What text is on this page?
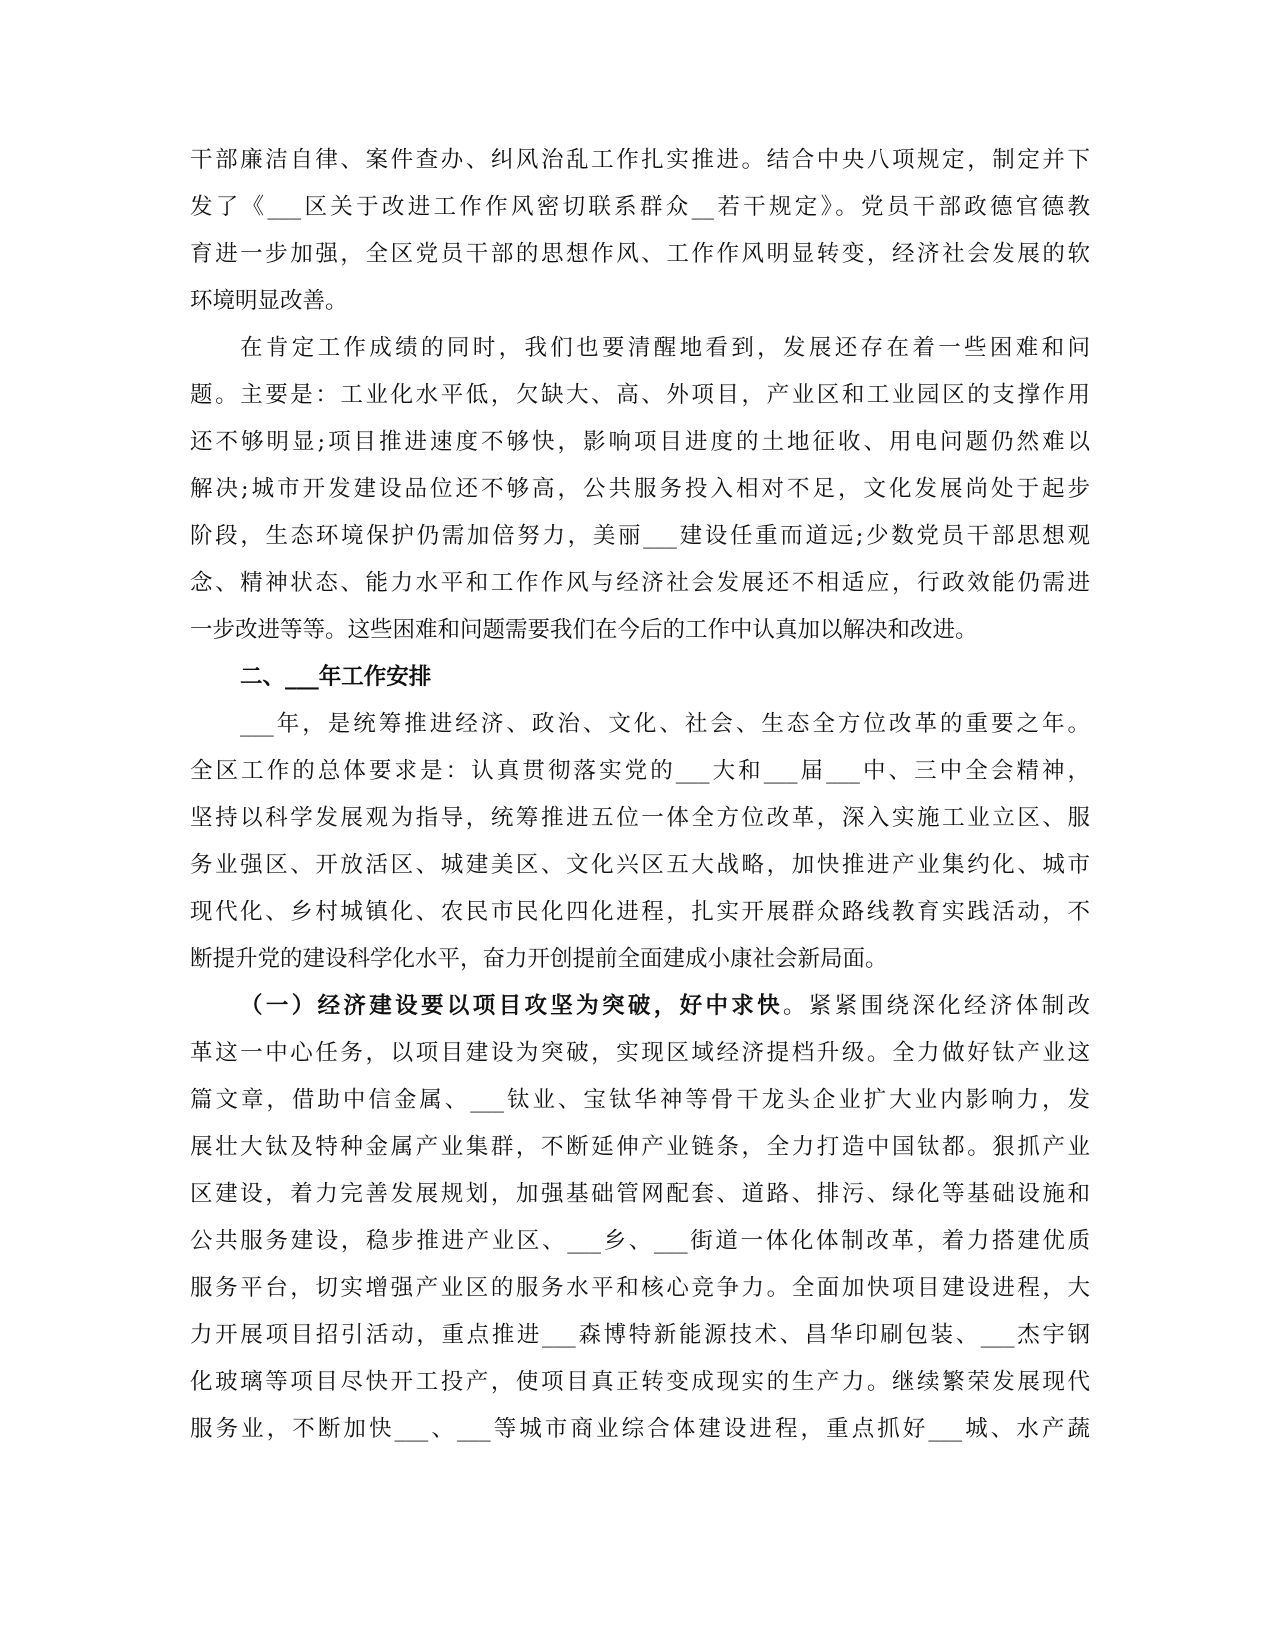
干部廉洁自律、案件查办、纠风治乱工作扎实推进。结合中央八项规定，制定并下
发了《___区关于改进工作作风密切联系群众__若干规定》。党员干部政德官德教
育进一步加强，全区党员干部的思想作风、工作作风明显转变，经济社会发展的软
环境明显改善。
在肯定工作成绩的同时，我们也要清醒地看到，发展还存在着一些困难和问
题。主要是：工业化水平低，欠缺大、高、外项目，产业区和工业园区的支撑作用
还不够明显;项目推进速度不够快，影响项目进度的土地征收、用电问题仍然难以
解决;城市开发建设品位还不够高，公共服务投入相对不足，文化发展尚处于起步
阶段，生态环境保护仍需加倍努力，美丽___建设任重而道远;少数党员干部思想观
念、精神状态、能力水平和工作作风与经济社会发展还不相适应，行政效能仍需进
一步改进等等。这些困难和问题需要我们在今后的工作中认真加以解决和改进。
二、___年工作安排
___年，是统筹推进经济、政治、文化、社会、生态全方位改革的重要之年。
全区工作的总体要求是：认真贯彻落实党的___大和___届___中、三中全会精神，
坚持以科学发展观为指导，统筹推进五位一体全方位改革，深入实施工业立区、服
务业强区、开放活区、城建美区、文化兴区五大战略，加快推进产业集约化、城市
现代化、乡村城镇化、农民市民化四化进程，扎实开展群众路线教育实践活动，不
断提升党的建设科学化水平，奋力开创提前全面建成小康社会新局面。
（一）经济建设要以项目攻坚为突破，好中求快。紧紧围绕深化经济体制改
革这一中心任务，以项目建设为突破，实现区域经济提档升级。全力做好钛产业这
篇文章，借助中信金属、___钛业、宝钛华神等骨干龙头企业扩大业内影响力，发
展壮大钛及特种金属产业集群，不断延伸产业链条，全力打造中国钛都。狠抓产业
区建设，着力完善发展规划，加强基础管网配套、道路、排污、绿化等基础设施和
公共服务建设，稳步推进产业区、___乡、___街道一体化体制改革，着力搭建优质
服务平台，切实增强产业区的服务水平和核心竞争力。全面加快项目建设进程，大
力开展项目招引活动，重点推进___森博特新能源技术、昌华印刷包装、___杰宇钢
化玻璃等项目尽快开工投产，使项目真正转变成现实的生产力。继续繁荣发展现代
服务业，不断加快___、___等城市商业综合体建设进程，重点抓好___城、水产蔬
